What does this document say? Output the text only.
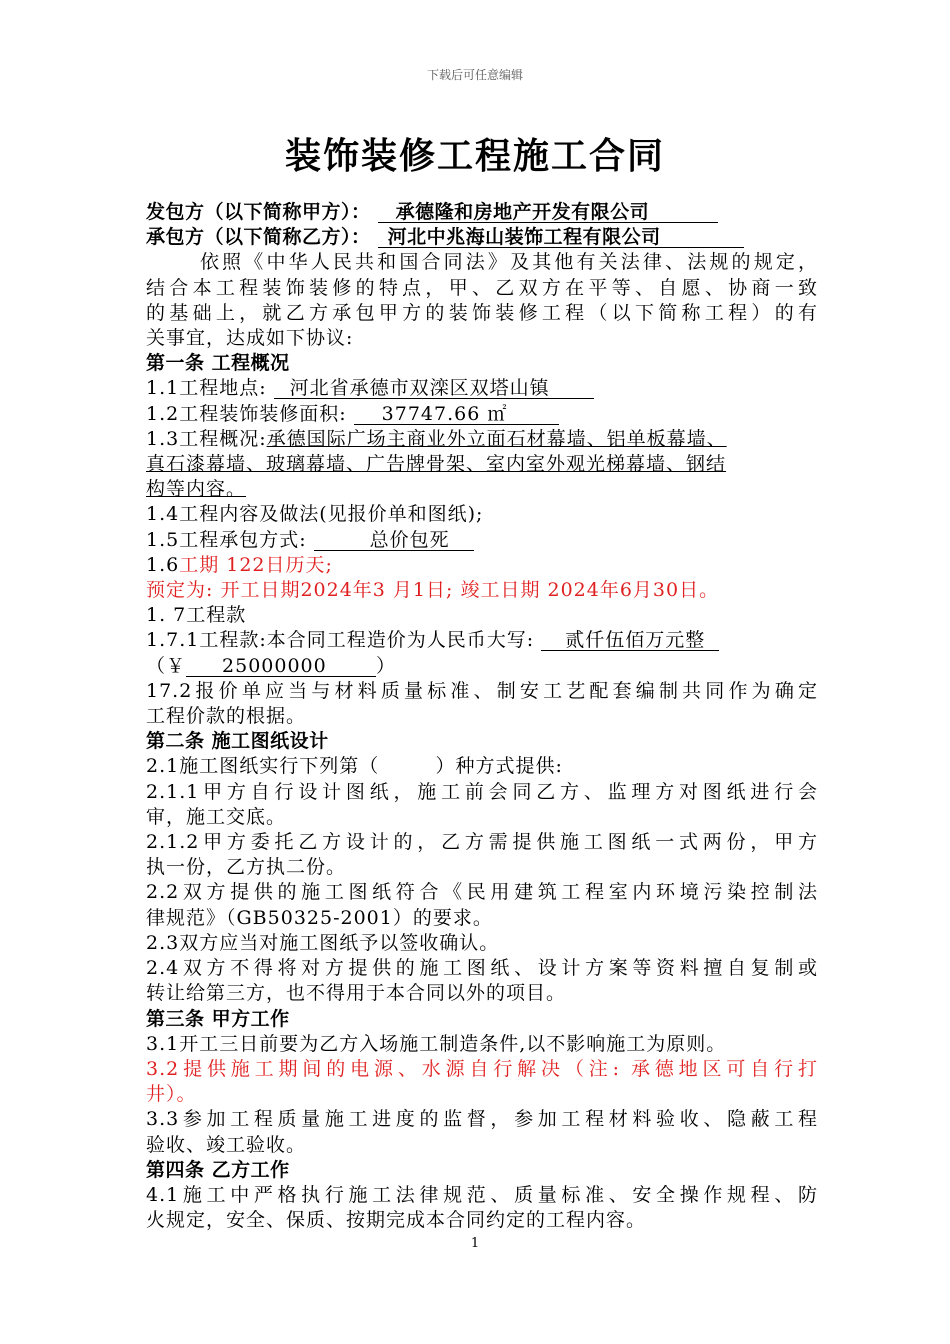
下载后可任意编辑
装饰装修工程施工合同
发包方（以下简称甲方）： 承德隆和房地产开发有限公司
承包方（以下简称乙方）： 河北中兆海山装饰工程有限公司
依照《中华人民共和国合同法》及其他有关法律、法规的规定，
结合本工程装饰装修的特点，甲、乙双方在平等、自愿、协商一致
的基础上，就乙方承包甲方的装饰装修工程（以下简称工程）的有
关事宜，达成如下协议:
第一条 工程概况
1.1工程地点: 河北省承德市双滦区双塔山镇
1.2工程装饰装修面积: 37747.66 ㎡
1.3工程概况:承德国际广场主商业外立面石材幕墙、铝单板幕墙、
真石漆幕墙、玻璃幕墙、广告牌骨架、室内室外观光梯幕墙、钢结
构等内容。
1.4工程内容及做法(见报价单和图纸);
1.5工程承包方式:	总价包死
1.6工期 122日历天;
预定为: 开工日期2024年3 月1日; 竣工日期 2024年6月30日。
1. 7工程款
1.7.1工程款:本合同工程造价为人民币大写: 贰仟伍佰万元整
（￥ 25000000	）
17.2报价单应当与材料质量标准、制安工艺配套编制共同作为确定
工程价款的根据。
第二条 施工图纸设计
2.1施工图纸实行下列第（        ）种方式提供:
2.1.1甲方自行设计图纸，施工前会同乙方、监理方对图纸进行会
审，施工交底。
2.1.2甲方委托乙方设计的，乙方需提供施工图纸一式两份，甲方
执一份，乙方执二份。
2.2双方提供的施工图纸符合《民用建筑工程室内环境污染控制法
律规范》（GB50325-2001）的要求。
2.3双方应当对施工图纸予以签收确认。
2.4双方不得将对方提供的施工图纸、设计方案等资料擅自复制或
转让给第三方，也不得用于本合同以外的项目。
第三条 甲方工作
3.1开工三日前要为乙方入场施工制造条件,以不影响施工为原则。
3.2提供施工期间的电源、水源自行解决（注: 承德地区可自行打
井）。
3.3参加工程质量施工进度的监督，参加工程材料验收、隐蔽工程
验收、竣工验收。
第四条 乙方工作
4.1施工中严格执行施工法律规范、质量标准、安全操作规程、防
火规定，安全、保质、按期完成本合同约定的工程内容。
1
